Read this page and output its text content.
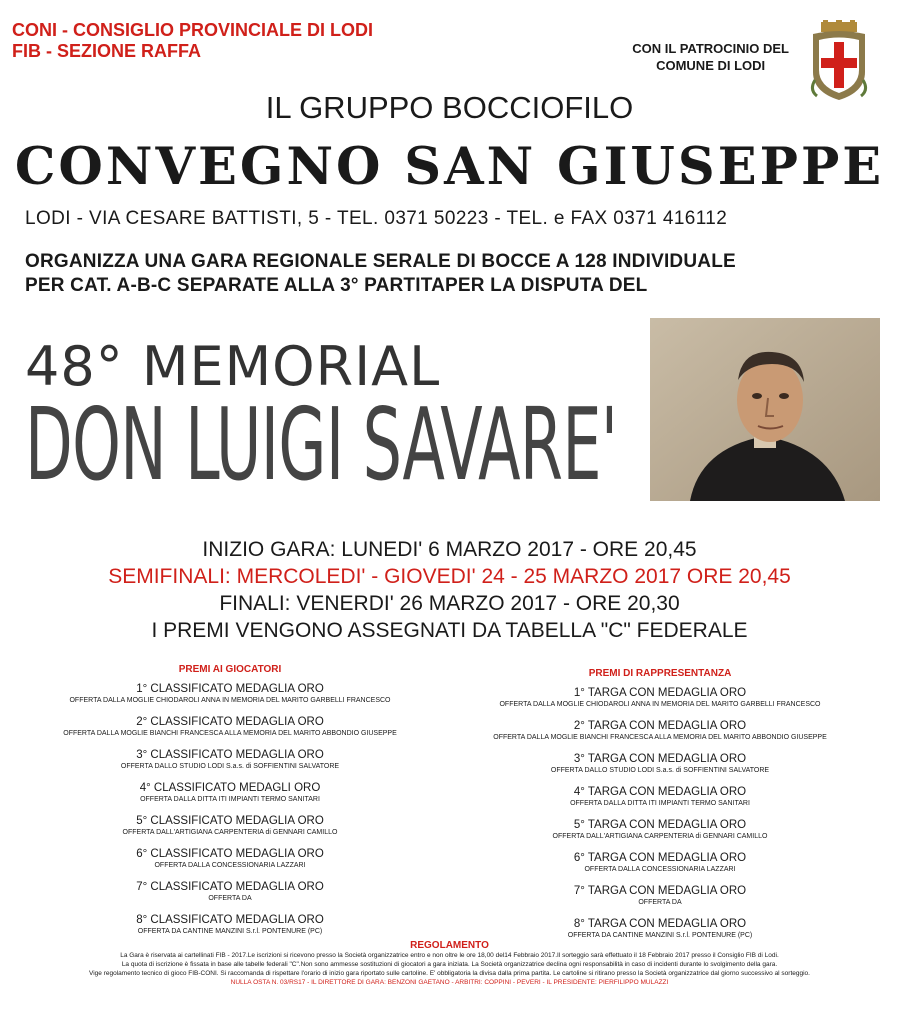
CONI - CONSIGLIO PROVINCIALE DI LODI
FIB - SEZIONE RAFFA	CON IL PATROCINIO DEL
COMUNE DI LODI
IL GRUPPO BOCCIOFILO
CONVEGNO SAN GIUSEPPE
LODI - VIA CESARE BATTISTI, 5 - TEL. 0371 50223 - TEL. e FAX 0371 416112
ORGANIZZA UNA GARA REGIONALE SERALE DI BOCCE A 128 INDIVIDUALE
PER CAT. A-B-C SEPARATE ALLA 3° PARTITAPER LA DISPUTA DEL
48° MEMORIAL
DON LUIGI SAVARE'
INIZIO GARA: LUNEDI' 6 MARZO 2017 - ORE 20,45
SEMIFINALI: MERCOLEDI' - GIOVEDI' 24 - 25 MARZO 2017 ORE 20,45
FINALI: VENERDI' 26 MARZO 2017 - ORE 20,30
I PREMI VENGONO ASSEGNATI DA TABELLA "C" FEDERALE
PREMI AI GIOCATORI
1° CLASSIFICATO MEDAGLIA ORO
OFFERTA DALLA MOGLIE CHIODAROLI ANNA IN MEMORIA DEL MARITO GARBELLI FRANCESCO
2° CLASSIFICATO MEDAGLIA ORO
OFFERTA DALLA MOGLIE BIANCHI FRANCESCA ALLA MEMORIA DEL MARITO ABBONDIO GIUSEPPE
3° CLASSIFICATO MEDAGLIA ORO
OFFERTA DALLO STUDIO LODI S.a.s. di SOFFIENTINI SALVATORE
4° CLASSIFICATO MEDAGLI ORO
OFFERTA DALLA DITTA ITI IMPIANTI TERMO SANITARI
5° CLASSIFICATO MEDAGLIA ORO
OFFERTA DALL'ARTIGIANA CARPENTERIA di GENNARI CAMILLO
6° CLASSIFICATO MEDAGLIA ORO
OFFERTA DALLA CONCESSIONARIA LAZZARI
7° CLASSIFICATO MEDAGLIA ORO
OFFERTA DA
8° CLASSIFICATO MEDAGLIA ORO
OFFERTA DA CANTINE MANZINI S.r.l. PONTENURE (PC)
PREMI DI RAPPRESENTANZA
1° TARGA CON MEDAGLIA ORO
OFFERTA DALLA MOGLIE CHIODAROLI ANNA IN MEMORIA DEL MARITO GARBELLI FRANCESCO
2° TARGA CON MEDAGLIA ORO
OFFERTA DALLA MOGLIE BIANCHI FRANCESCA ALLA MEMORIA DEL MARITO ABBONDIO GIUSEPPE
3° TARGA CON MEDAGLIA ORO
OFFERTA DALLO STUDIO LODI S.a.s. di SOFFIENTINI SALVATORE
4° TARGA CON MEDAGLIA ORO
OFFERTA DALLA DITTA ITI IMPIANTI TERMO SANITARI
5° TARGA CON MEDAGLIA ORO
OFFERTA DALL'ARTIGIANA CARPENTERIA di GENNARI CAMILLO
6° TARGA CON MEDAGLIA ORO
OFFERTA DALLA CONCESSIONARIA LAZZARI
7° TARGA CON MEDAGLIA ORO
OFFERTA DA
8° TARGA CON MEDAGLIA ORO
OFFERTA DA CANTINE MANZINI S.r.l. PONTENURE (PC)
REGOLAMENTO
La Gara è riservata ai cartellinati FIB - 2017.Le iscrizioni si ricevono presso la Società organizzatrice entro e non oltre le ore 18,00 del14 Febbraio 2017.Il sorteggio sarà effettuato il 18 Febbraio 2017 presso il Consiglio FIB di Lodi.
La quota di iscrizione è fissata in base alle tabelle federali "C".Non sono ammesse sostituzioni di giocatori a gara iniziata. La Società organizzatrice declina ogni responsabilità in caso di incidenti durante lo svolgimento della gara.
Vige regolamento tecnico di gioco FIB-CONI. Si raccomanda di rispettare l'orario di inizio gara riportato sulle cartoline. E' obbligatoria la divisa dalla prima partita. Le cartoline si ritirano presso la Società organizzatrice dal giorno successivo al sorteggio.
NULLA OSTA N. 03/RS17 - IL DIRETTORE DI GARA: BENZONI GAETANO - ARBITRI: COPPINI - PEVERI - IL PRESIDENTE: PIERFILIPPO MULAZZI
